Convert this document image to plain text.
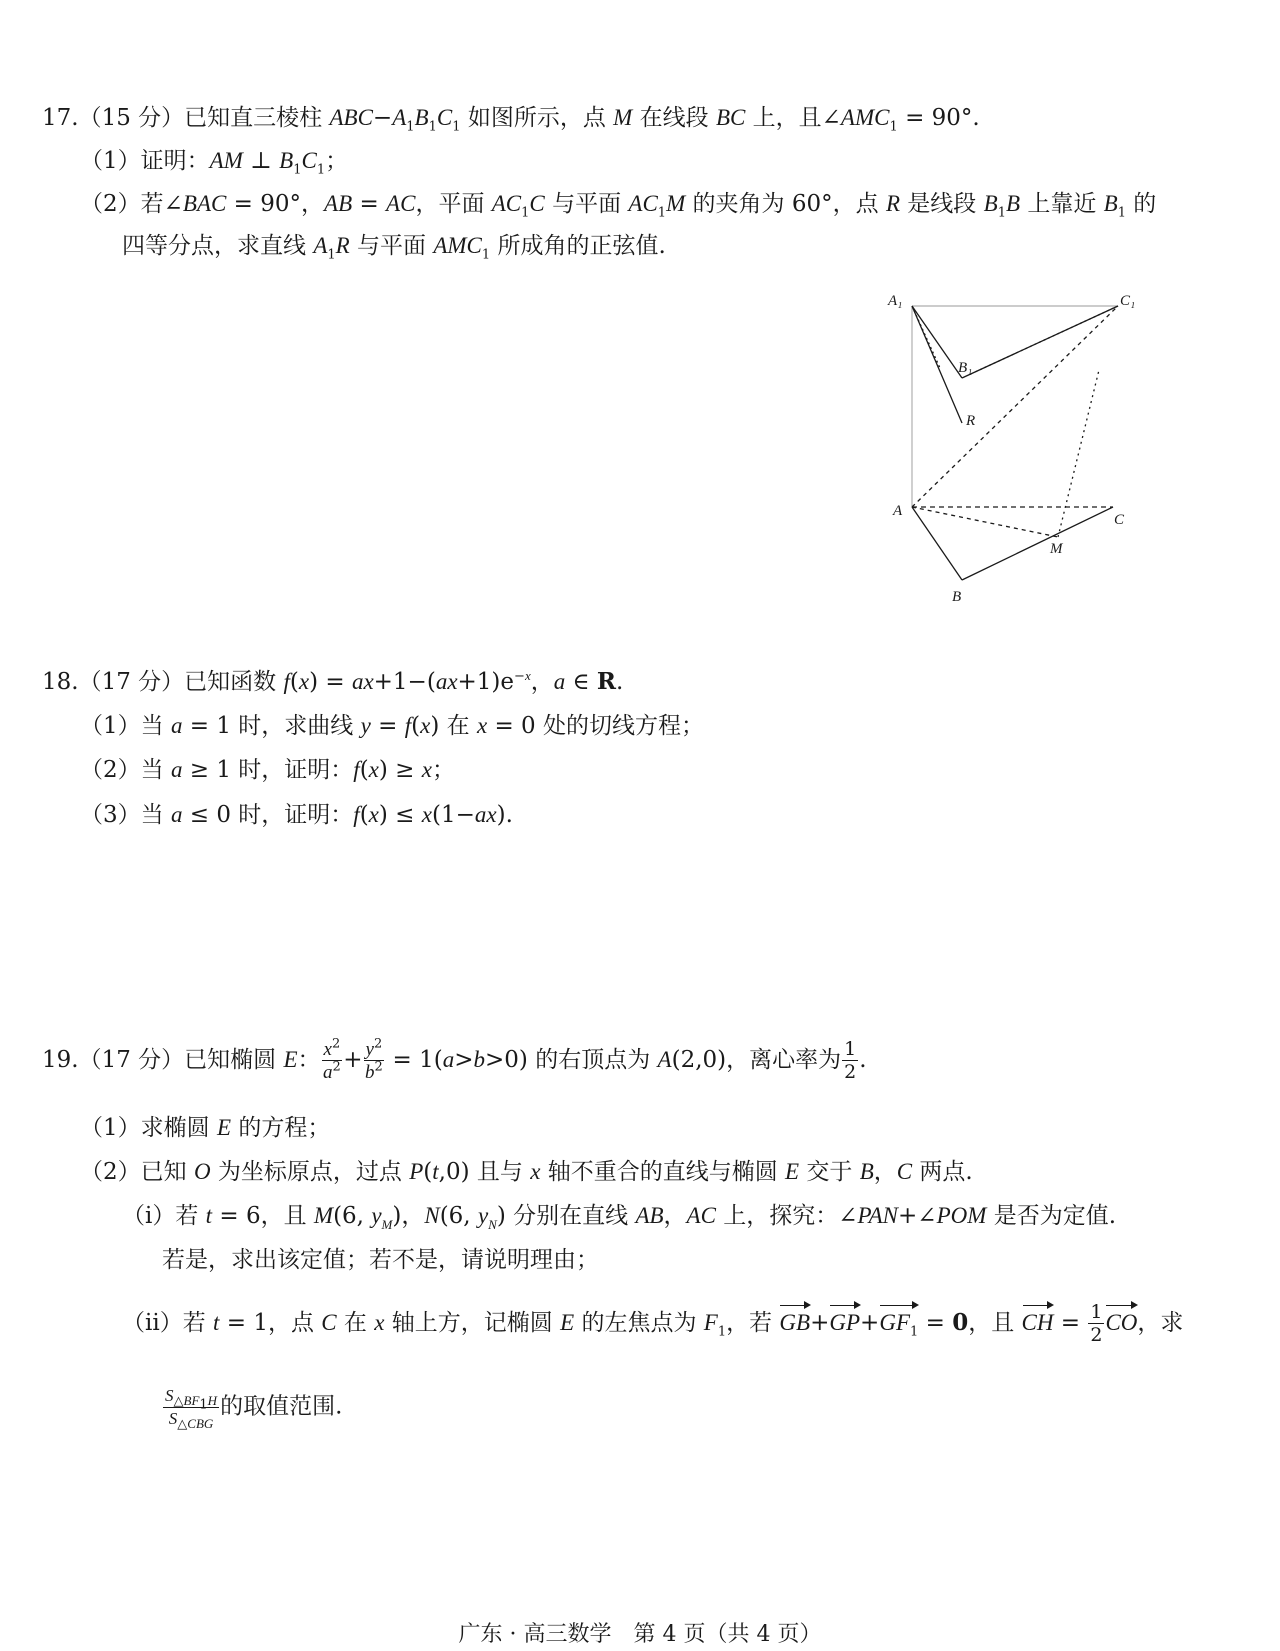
17.（15 分）已知直三棱柱 $ABC-A_1B_1C_1$ 如图所示，点 M 在线段 BC 上，且$\angle AMC_1 = 90^\circ$.
（1）证明：AM ⊥ $B_1C_1$；
（2）若∠BAC = 90°，AB = AC，平面 $AC_1C$ 与平面 $AC_1M$ 的夹角为 60°，点 R 是线段 $B_1B$ 上靠近 $B_1$ 的
四等分点，求直线 $A_1R$ 与平面 $AMC_1$ 所成角的正弦值.
A₁	C₁
B₁
R
A
C
M
B
18.（17 分）已知函数 $f(x) = ax+1-(ax+1)e^{-x}$，a ∈ R.
（1）当 a = 1 时，求曲线 y = f(x) 在 x = 0 处的切线方程；
（2）当 a ≥ 1 时，证明：f(x) ≥ x；
（3）当 a ≤ 0 时，证明：f(x) ≤ x(1−ax).
19.（17 分）已知椭圆 E： $\frac{x^2}{a^2} + \frac{y^2}{b^2} = 1(a>b>0)$ 的右顶点为 A(2,0)，离心率为 $\frac{1}{2}$ .
（1）求椭圆 E 的方程；
（2）已知 O 为坐标原点，过点 P(t,0) 且与 x 轴不重合的直线与椭圆 E 交于 B，C 两点.
（i）若 t = 6，且 M(6, $y_M$)，N(6, $y_N$) 分别在直线 AB，AC 上，探究：∠PAN+∠POM 是否为定值.
若是，求出该定值；若不是，请说明理由；
（ii）若 t = 1，点 C 在 x 轴上方，记椭圆 E 的左焦点为 $F_1$，若 $GB+GP+GF_1 = 0$，且 CH = $\frac{1}{2}$ CO，求
$\frac{S_{\triangle BF_1H}}{S_{\triangle CBG}}$ 的取值范围.
广东 · 高三数学　第 4 页（共 4 页）
